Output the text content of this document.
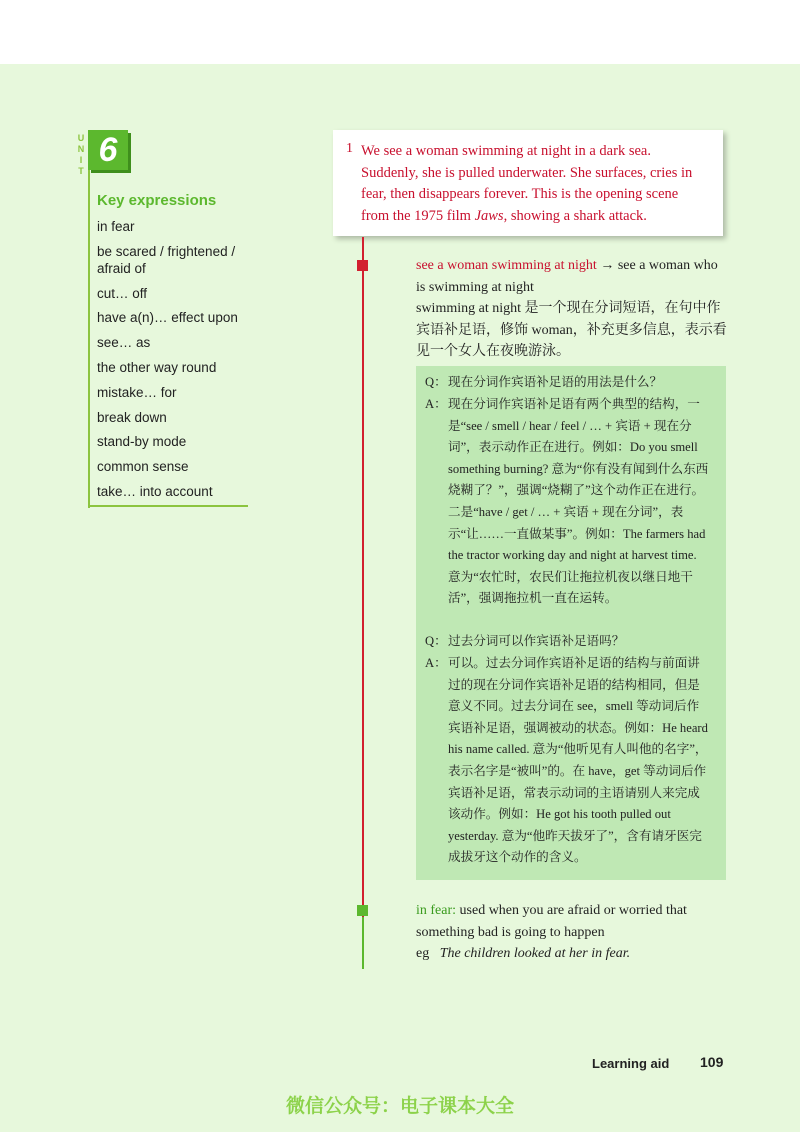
UNIT 6
Key expressions
in fear
be scared / frightened / afraid of
cut… off
have a(n)… effect upon
see… as
the other way round
mistake… for
break down
stand-by mode
common sense
take… into account
1 We see a woman swimming at night in a dark sea. Suddenly, she is pulled underwater. She surfaces, cries in fear, then disappears forever. This is the opening scene from the 1975 film Jaws, showing a shark attack.
see a woman swimming at night → see a woman who is swimming at night
swimming at night 是一个现在分词短语，在句中作宾语补足语，修饰 woman，补充更多信息，表示看见一个女人在夜晚游泳。
Q： 现在分词作宾语补足语的用法是什么？
A： 现在分词作宾语补足语有两个典型的结构，一是“see / smell / hear / feel / … + 宾语 + 现在分词”，表示动作正在进行。例如：Do you smell something burning? 意为“你有没有闻到什么东西烧糊了？”，强调“烧糊了”这个动作正在进行。二是“have / get / … + 宾语 + 现在分词”，表示“让……一直做某事”。例如：The farmers had the tractor working day and night at harvest time. 意为“农忙时，农民们让拖拉机夜以继日地干活”，强调拖拉机一直在运转。
Q： 过去分词可以作宾语补足语吗？
A： 可以。过去分词作宾语补足语的结构与前面讲过的现在分词作宾语补足语的结构相同，但是意义不同。过去分词在 see，smell 等动词后作宾语补足语，强调被动的状态。例如：He heard his name called. 意为“他听见有人叫他的名字”，表示名字是“被叫”的。在 have，get 等动词后作宾语补足语，常表示动词的主语请别人来完成该动作。例如：He got his tooth pulled out yesterday. 意为“他昨天拔牙了”，含有请牙医完成拔牙这个动作的含义。
in fear: used when you are afraid or worried that something bad is going to happen
eg The children looked at her in fear.
Learning aid 109
微信公众号：电子课本大全
